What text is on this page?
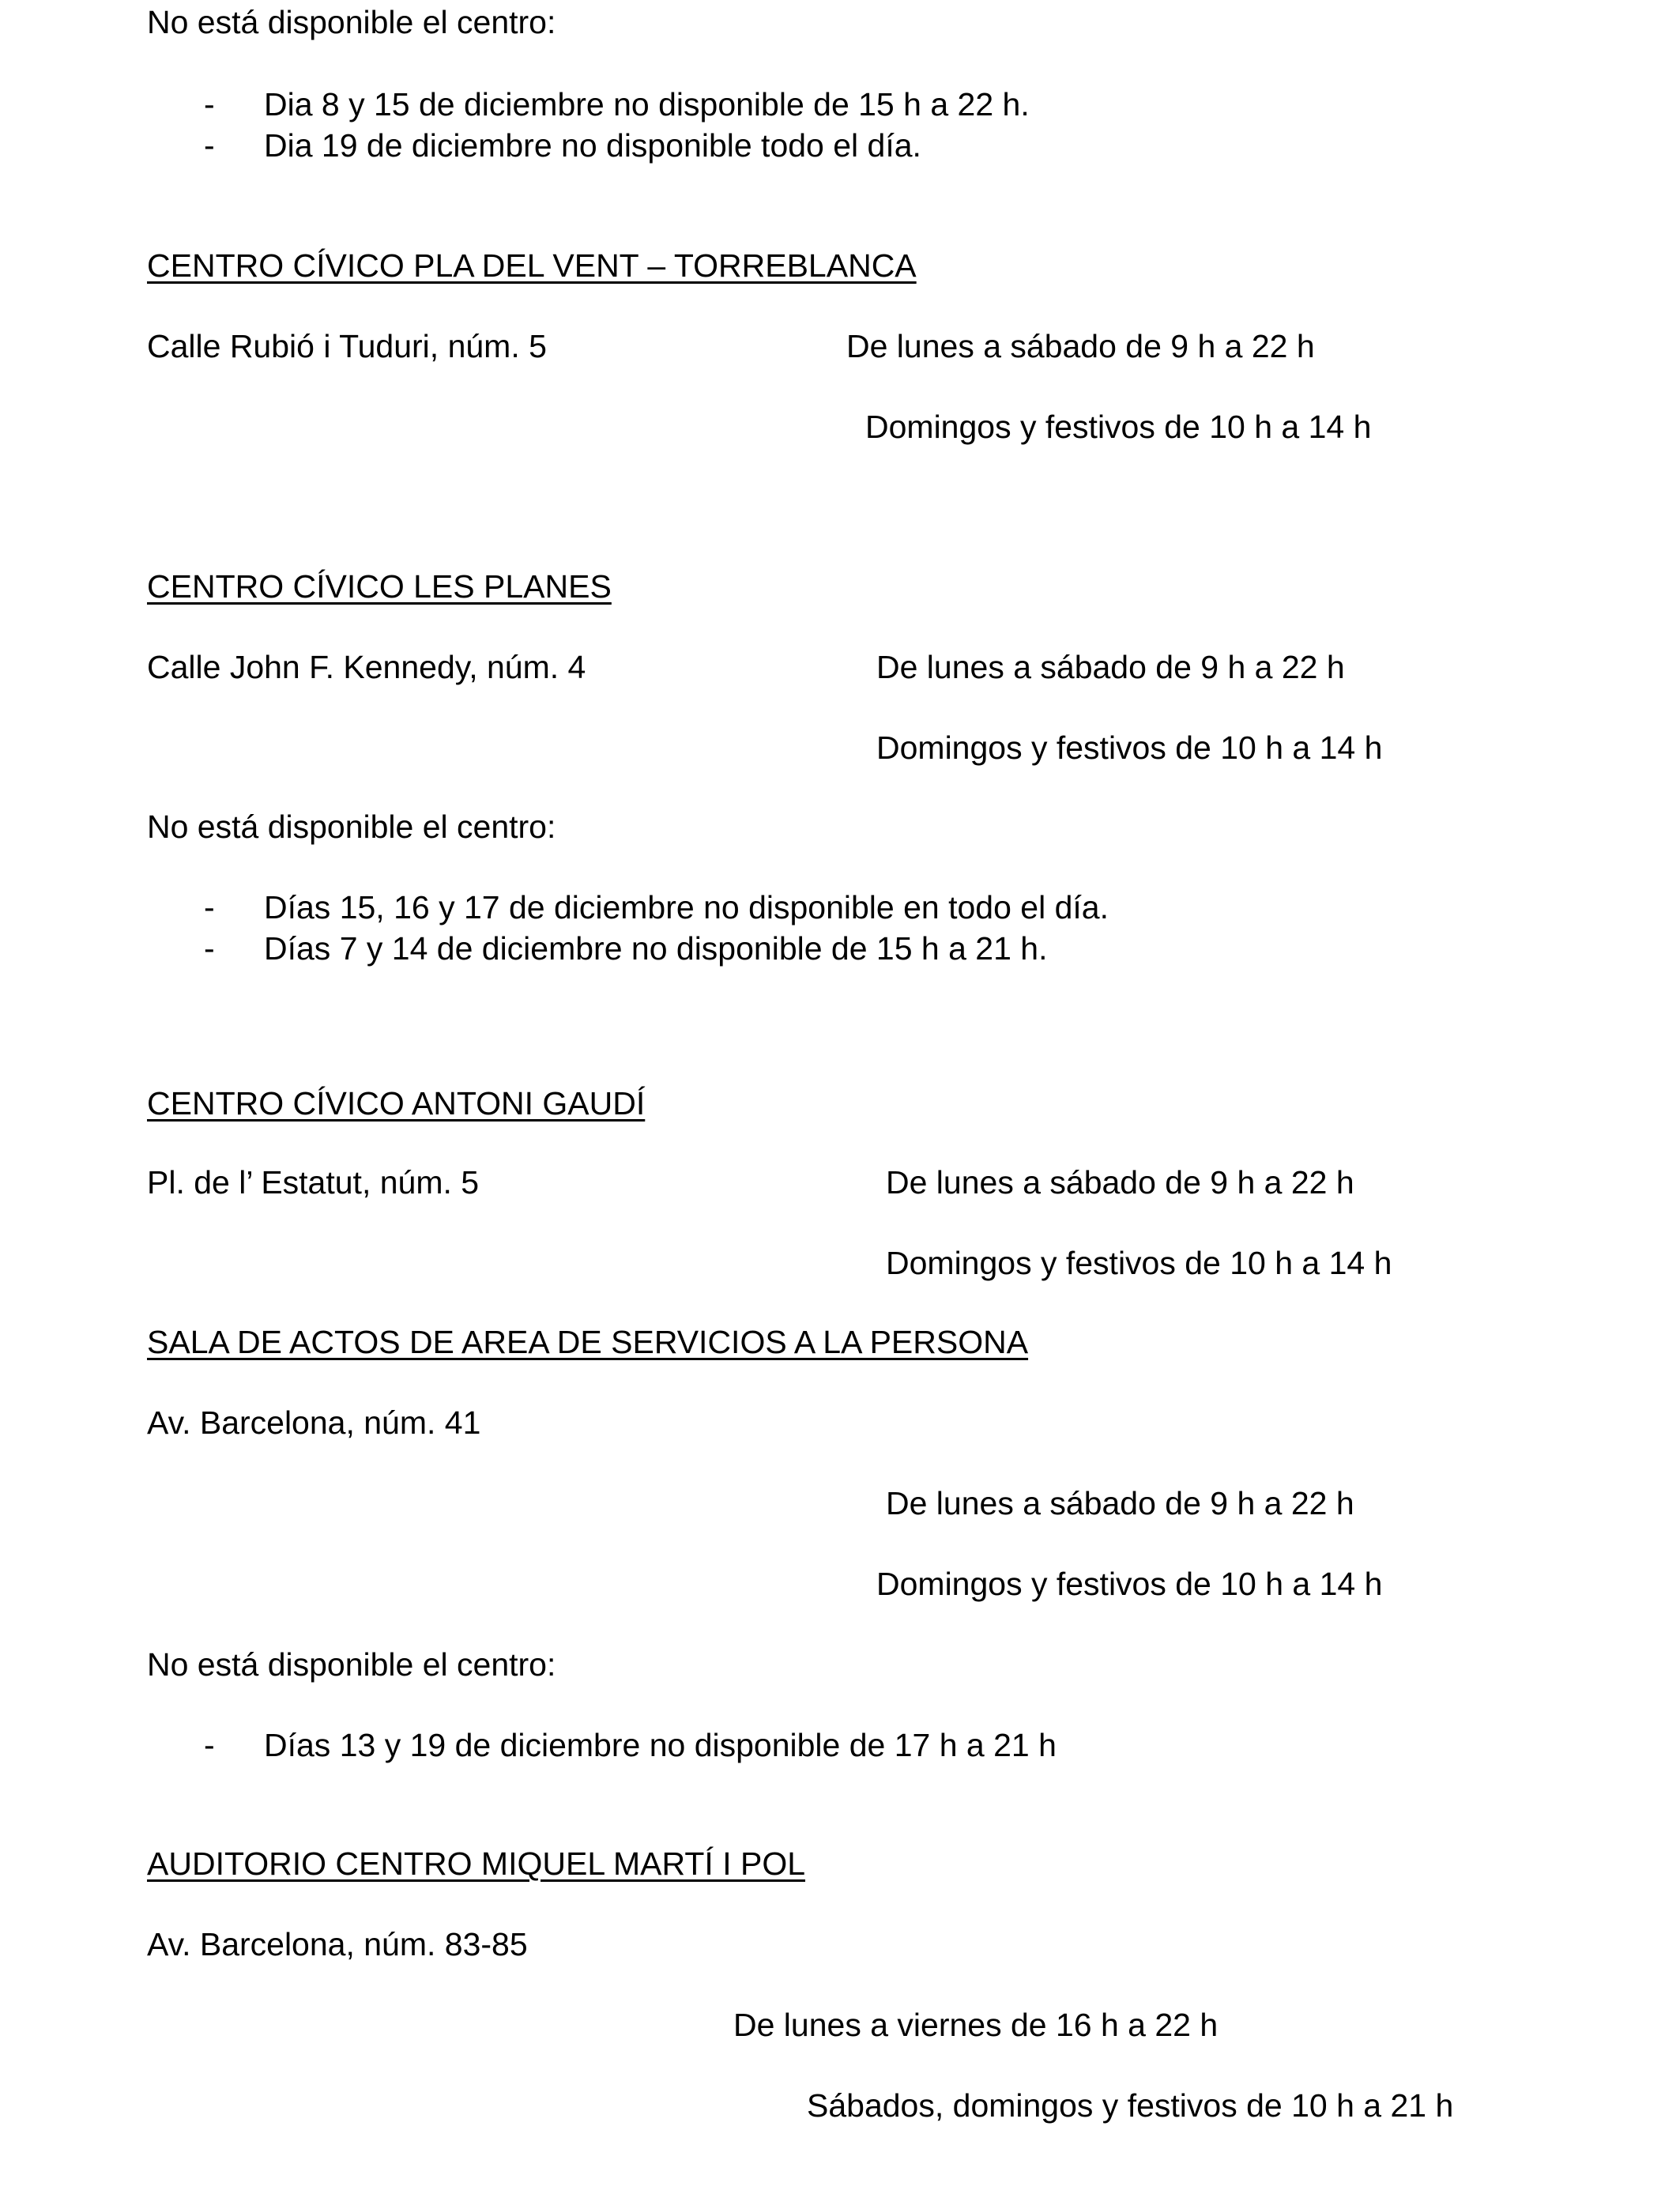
No está disponible el centro:
- Dia 8 y 15 de diciembre no disponible de 15 h a 22 h.
- Dia 19 de diciembre no disponible todo el día.
CENTRO CÍVICO PLA DEL VENT – TORREBLANCA
Calle Rubió i Tuduri, núm. 5	De lunes a sábado de 9 h a 22 h
Domingos y festivos de 10 h a 14 h
CENTRO CÍVICO LES PLANES
Calle John F. Kennedy, núm. 4	De lunes a sábado de 9 h a 22 h
Domingos y festivos de 10 h a 14 h
No está disponible el centro:
- Días 15, 16 y 17 de diciembre no disponible en todo el día.
- Días 7 y 14 de diciembre no disponible de 15 h a 21 h.
CENTRO CÍVICO ANTONI GAUDÍ
Pl. de l’ Estatut, núm. 5	De lunes a sábado de 9 h a 22 h
Domingos y festivos de 10 h a 14 h
SALA DE ACTOS DE AREA DE SERVICIOS A LA PERSONA
Av. Barcelona, núm. 41
De lunes a sábado de 9 h a 22 h
Domingos y festivos de 10 h a 14 h
No está disponible el centro:
- Días 13 y 19 de diciembre no disponible de 17 h a 21 h
AUDITORIO CENTRO MIQUEL MARTÍ I POL
Av. Barcelona, núm. 83-85
De lunes a viernes de 16 h a 22 h
Sábados, domingos y festivos de 10 h a 21 h
